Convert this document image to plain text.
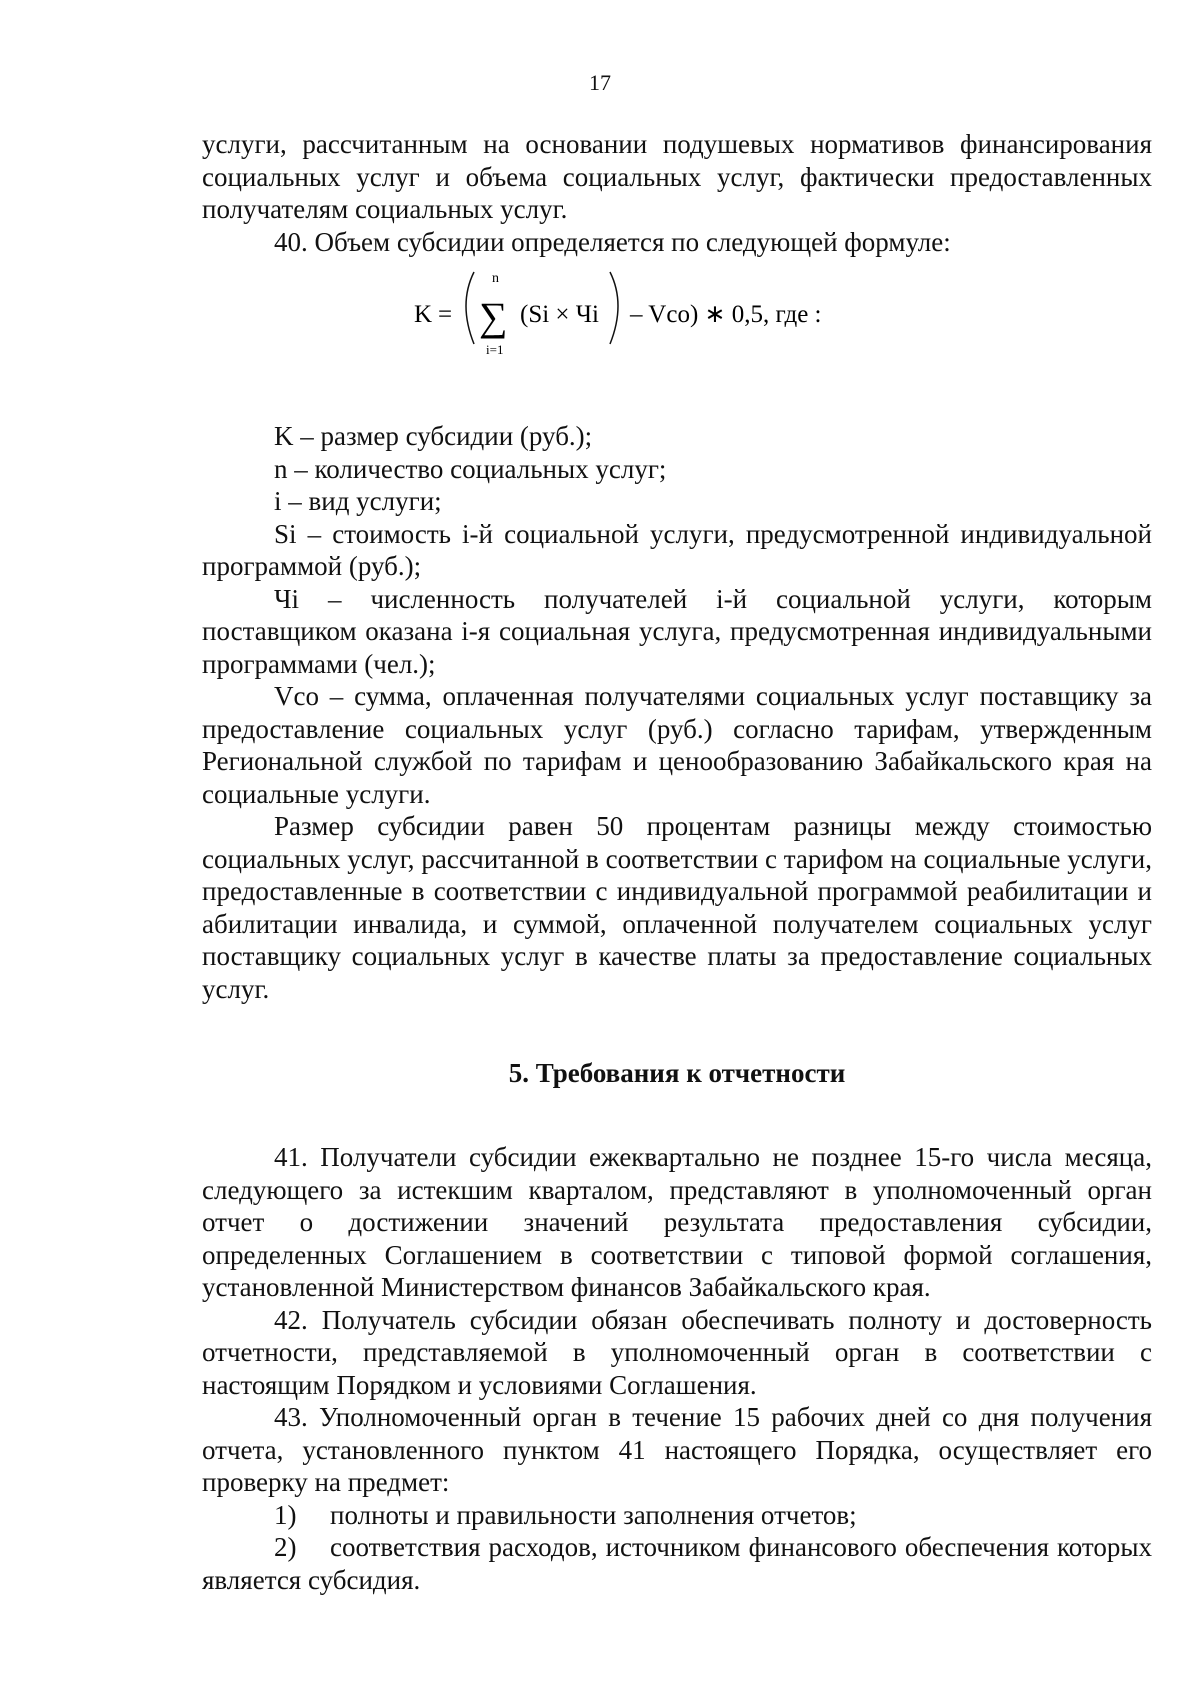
17

услуги, рассчитанным на основании подушевых нормативов финансирования социальных услуг и объема социальных услуг, фактически предоставленных получателям социальных услуг.

40. Объем субсидии определяется по следующей формуле:

K =
n
∑
i=1
(Si × Чi – Vco) ∗ 0,5, где :

K – размер субсидии (руб.);

n – количество социальных услуг;

i – вид услуги;

Si – стоимость i-й социальной услуги, предусмотренной индивидуальной программой (руб.);

Чi – численность получателей i-й социальной услуги, которым поставщиком оказана i-я социальная услуга, предусмотренная индивидуальными программами (чел.);

Vco – сумма, оплаченная получателями социальных услуг поставщику за предоставление социальных услуг (руб.) согласно тарифам, утвержденным Региональной службой по тарифам и ценообразованию Забайкальского края на социальные услуги.

Размер субсидии равен 50 процентам разницы между стоимостью социальных услуг, рассчитанной в соответствии с тарифом на социальные услуги, предоставленные в соответствии с индивидуальной программой реабилитации и абилитации инвалида, и суммой, оплаченной получателем социальных услуг поставщику социальных услуг в качестве платы за предоставление социальных услуг.

5. Требования к отчетности

41. Получатели субсидии ежеквартально не позднее 15-го числа месяца, следующего за истекшим кварталом, представляют в уполномоченный орган отчет о достижении значений результата предоставления субсидии, определенных Соглашением в соответствии с типовой формой соглашения, установленной Министерством финансов Забайкальского края.

42. Получатель субсидии обязан обеспечивать полноту и достоверность отчетности, представляемой в уполномоченный орган в соответствии с настоящим Порядком и условиями Соглашения.

43. Уполномоченный орган в течение 15 рабочих дней со дня получения отчета, установленного пунктом 41 настоящего Порядка, осуществляет его проверку на предмет:

1) полноты и правильности заполнения отчетов;

2) соответствия расходов, источником финансового обеспечения которых является субсидия.
